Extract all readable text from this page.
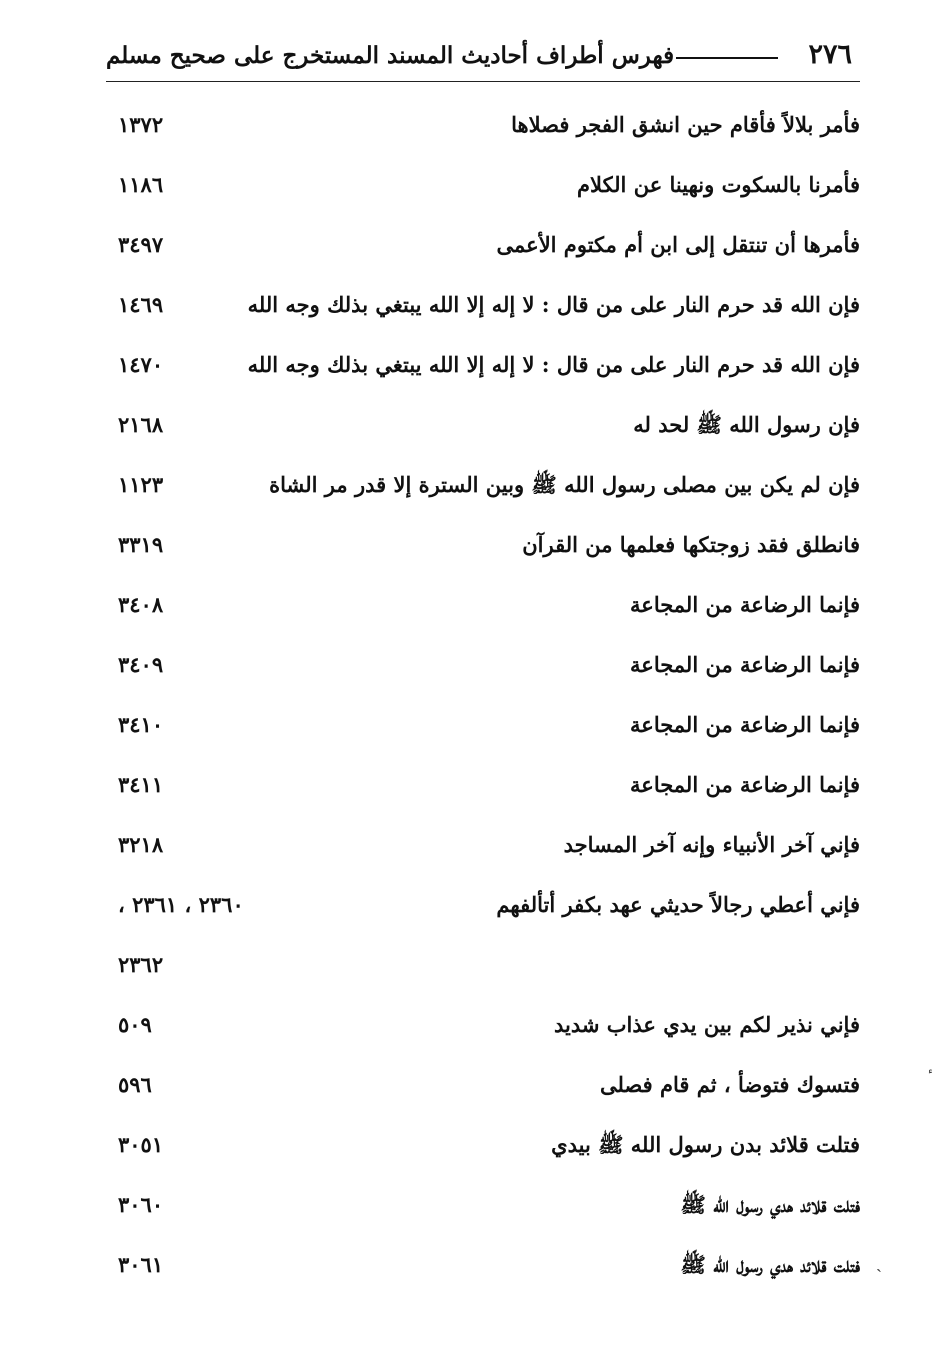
٢٧٦
فهرس أطراف أحاديث المسند المستخرج على صحيح مسلم
فأمر بلالاً فأقام حين انشق الفجر فصلاها
١٣٧٢
فأمرنا بالسكوت ونهينا عن الكلام
١١٨٦
فأمرها أن تنتقل إلى ابن أم مكتوم الأعمى
٣٤٩٧
فإن الله قد حرم النار على من قال : لا إله إلا الله يبتغي بذلك وجه الله
١٤٦٩
فإن الله قد حرم النار على من قال : لا إله إلا الله يبتغي بذلك وجه الله
١٤٧٠
فإن رسول الله ﷺ لحد له
٢١٦٨
فإن لم يكن بين مصلى رسول الله ﷺ وبين السترة إلا قدر مر الشاة
١١٢٣
فانطلق فقد زوجتكها فعلمها من القرآن
٣٣١٩
فإنما الرضاعة من المجاعة
٣٤٠٨
فإنما الرضاعة من المجاعة
٣٤٠٩
فإنما الرضاعة من المجاعة
٣٤١٠
فإنما الرضاعة من المجاعة
٣٤١١
فإني آخر الأنبياء وإنه آخر المساجد
٣٢١٨
فإني أعطي رجالاً حديثي عهد بكفر أتألفهم
٢٣٦٠ ، ٢٣٦١ ،
٢٣٦٢
فإني نذير لكم بين يدي عذاب شديد
٥٠٩
فتسوك فتوضأ ، ثم قام فصلى
٥٩٦
فتلت قلائد بدن رسول الله ﷺ بيدي
٣٠٥١
فتلت قلائد هدي رسول الله ﷺ
٣٠٦٠
فتلت قلائد هدي رسول الله ﷺ
٣٠٦١	ˏ
